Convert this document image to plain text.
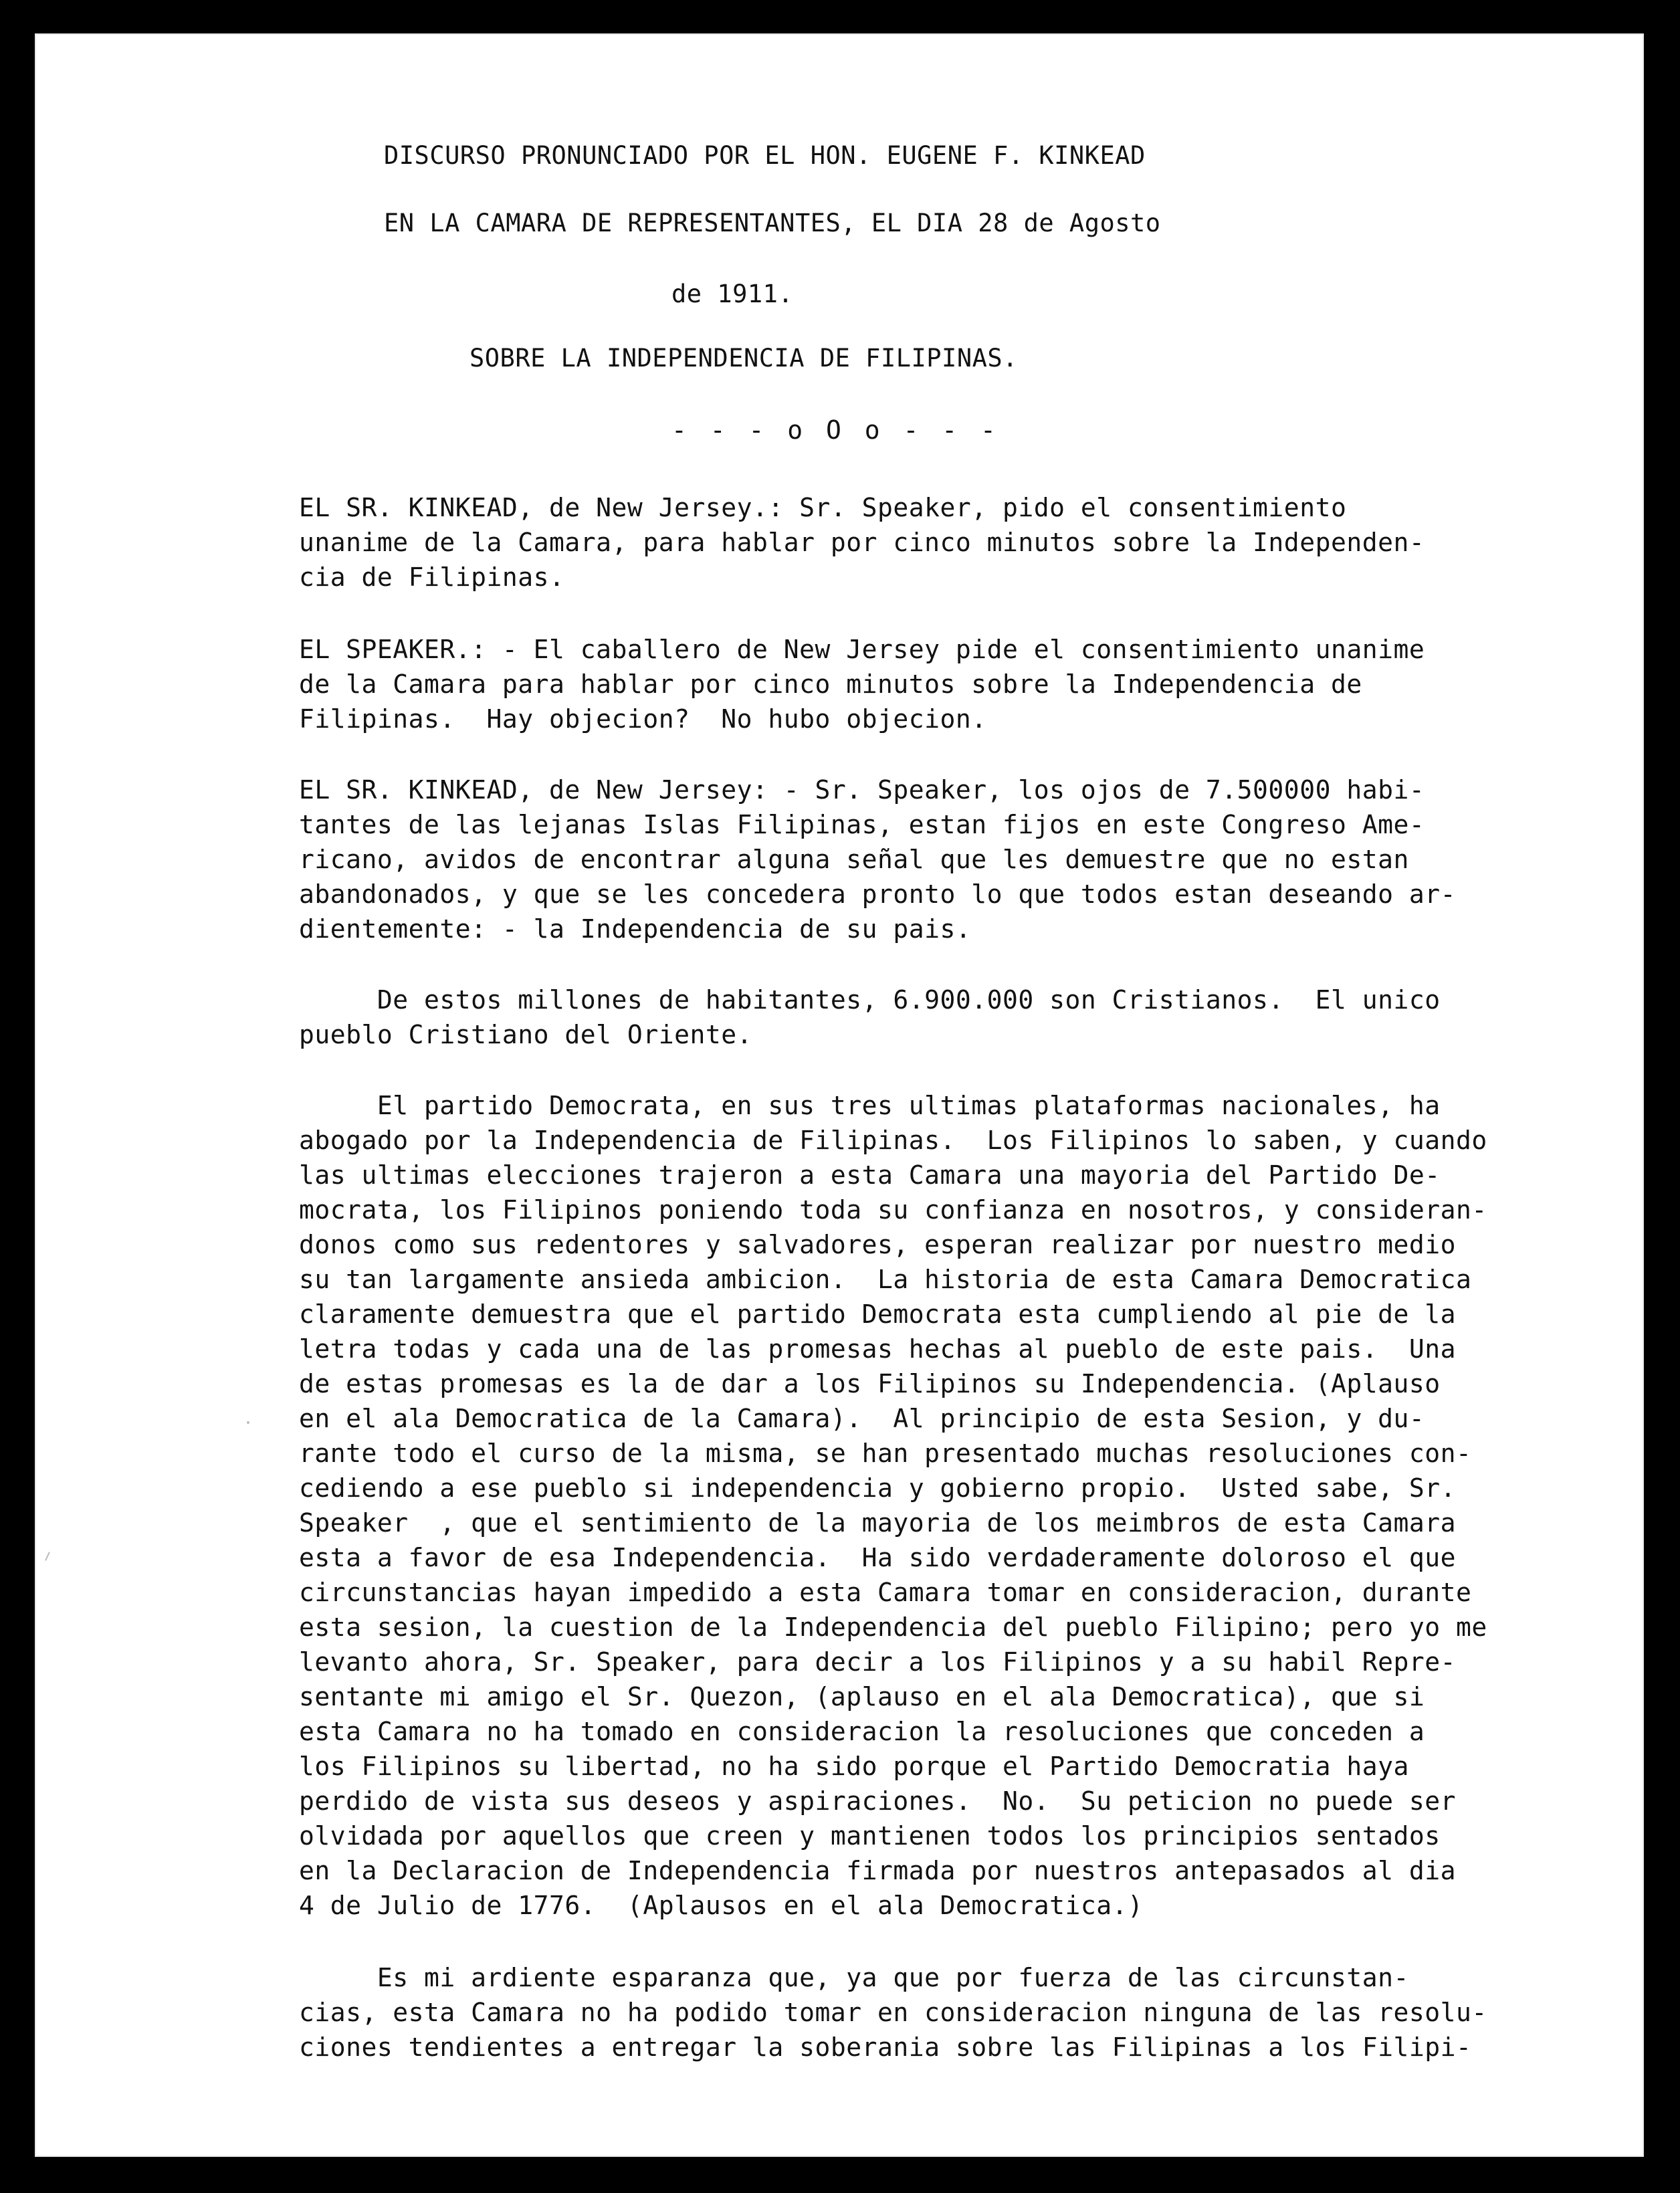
DISCURSO PRONUNCIADO POR EL HON. EUGENE F. KINKEAD
EN LA CAMARA DE REPRESENTANTES, EL DIA 28 de Agosto
de 1911.
SOBRE LA INDEPENDENCIA DE FILIPINAS.
- - - o O o - - -
EL SR. KINKEAD, de New Jersey.: Sr. Speaker, pido el consentimiento
unanime de la Camara, para hablar por cinco minutos sobre la Independen-
cia de Filipinas.
EL SPEAKER.: - El caballero de New Jersey pide el consentimiento unanime
de la Camara para hablar por cinco minutos sobre la Independencia de
Filipinas.  Hay objecion?  No hubo objecion.
EL SR. KINKEAD, de New Jersey: - Sr. Speaker, los ojos de 7.500000 habi-
tantes de las lejanas Islas Filipinas, estan fijos en este Congreso Ame-
ricano, avidos de encontrar alguna señal que les demuestre que no estan
abandonados, y que se les concedera pronto lo que todos estan deseando ar-
dientemente: - la Independencia de su pais.
De estos millones de habitantes, 6.900.000 son Cristianos.  El unico
pueblo Cristiano del Oriente.
El partido Democrata, en sus tres ultimas plataformas nacionales, ha
abogado por la Independencia de Filipinas.  Los Filipinos lo saben, y cuando
las ultimas elecciones trajeron a esta Camara una mayoria del Partido De-
mocrata, los Filipinos poniendo toda su confianza en nosotros, y consideran-
donos como sus redentores y salvadores, esperan realizar por nuestro medio
su tan largamente ansieda ambicion.  La historia de esta Camara Democratica
claramente demuestra que el partido Democrata esta cumpliendo al pie de la
letra todas y cada una de las promesas hechas al pueblo de este pais.  Una
de estas promesas es la de dar a los Filipinos su Independencia. (Aplauso
en el ala Democratica de la Camara).  Al principio de esta Sesion, y du-
rante todo el curso de la misma, se han presentado muchas resoluciones con-
cediendo a ese pueblo si independencia y gobierno propio.  Usted sabe, Sr.
Speaker  , que el sentimiento de la mayoria de los meimbros de esta Camara
esta a favor de esa Independencia.  Ha sido verdaderamente doloroso el que
circunstancias hayan impedido a esta Camara tomar en consideracion, durante
esta sesion, la cuestion de la Independencia del pueblo Filipino; pero yo me
levanto ahora, Sr. Speaker, para decir a los Filipinos y a su habil Repre-
sentante mi amigo el Sr. Quezon, (aplauso en el ala Democratica), que si
esta Camara no ha tomado en consideracion la resoluciones que conceden a
los Filipinos su libertad, no ha sido porque el Partido Democratia haya
perdido de vista sus deseos y aspiraciones.  No.  Su peticion no puede ser
olvidada por aquellos que creen y mantienen todos los principios sentados
en la Declaracion de Independencia firmada por nuestros antepasados al dia
4 de Julio de 1776.  (Aplausos en el ala Democratica.)
Es mi ardiente esparanza que, ya que por fuerza de las circunstan-
cias, esta Camara no ha podido tomar en consideracion ninguna de las resolu-
ciones tendientes a entregar la soberania sobre las Filipinas a los Filipi-
